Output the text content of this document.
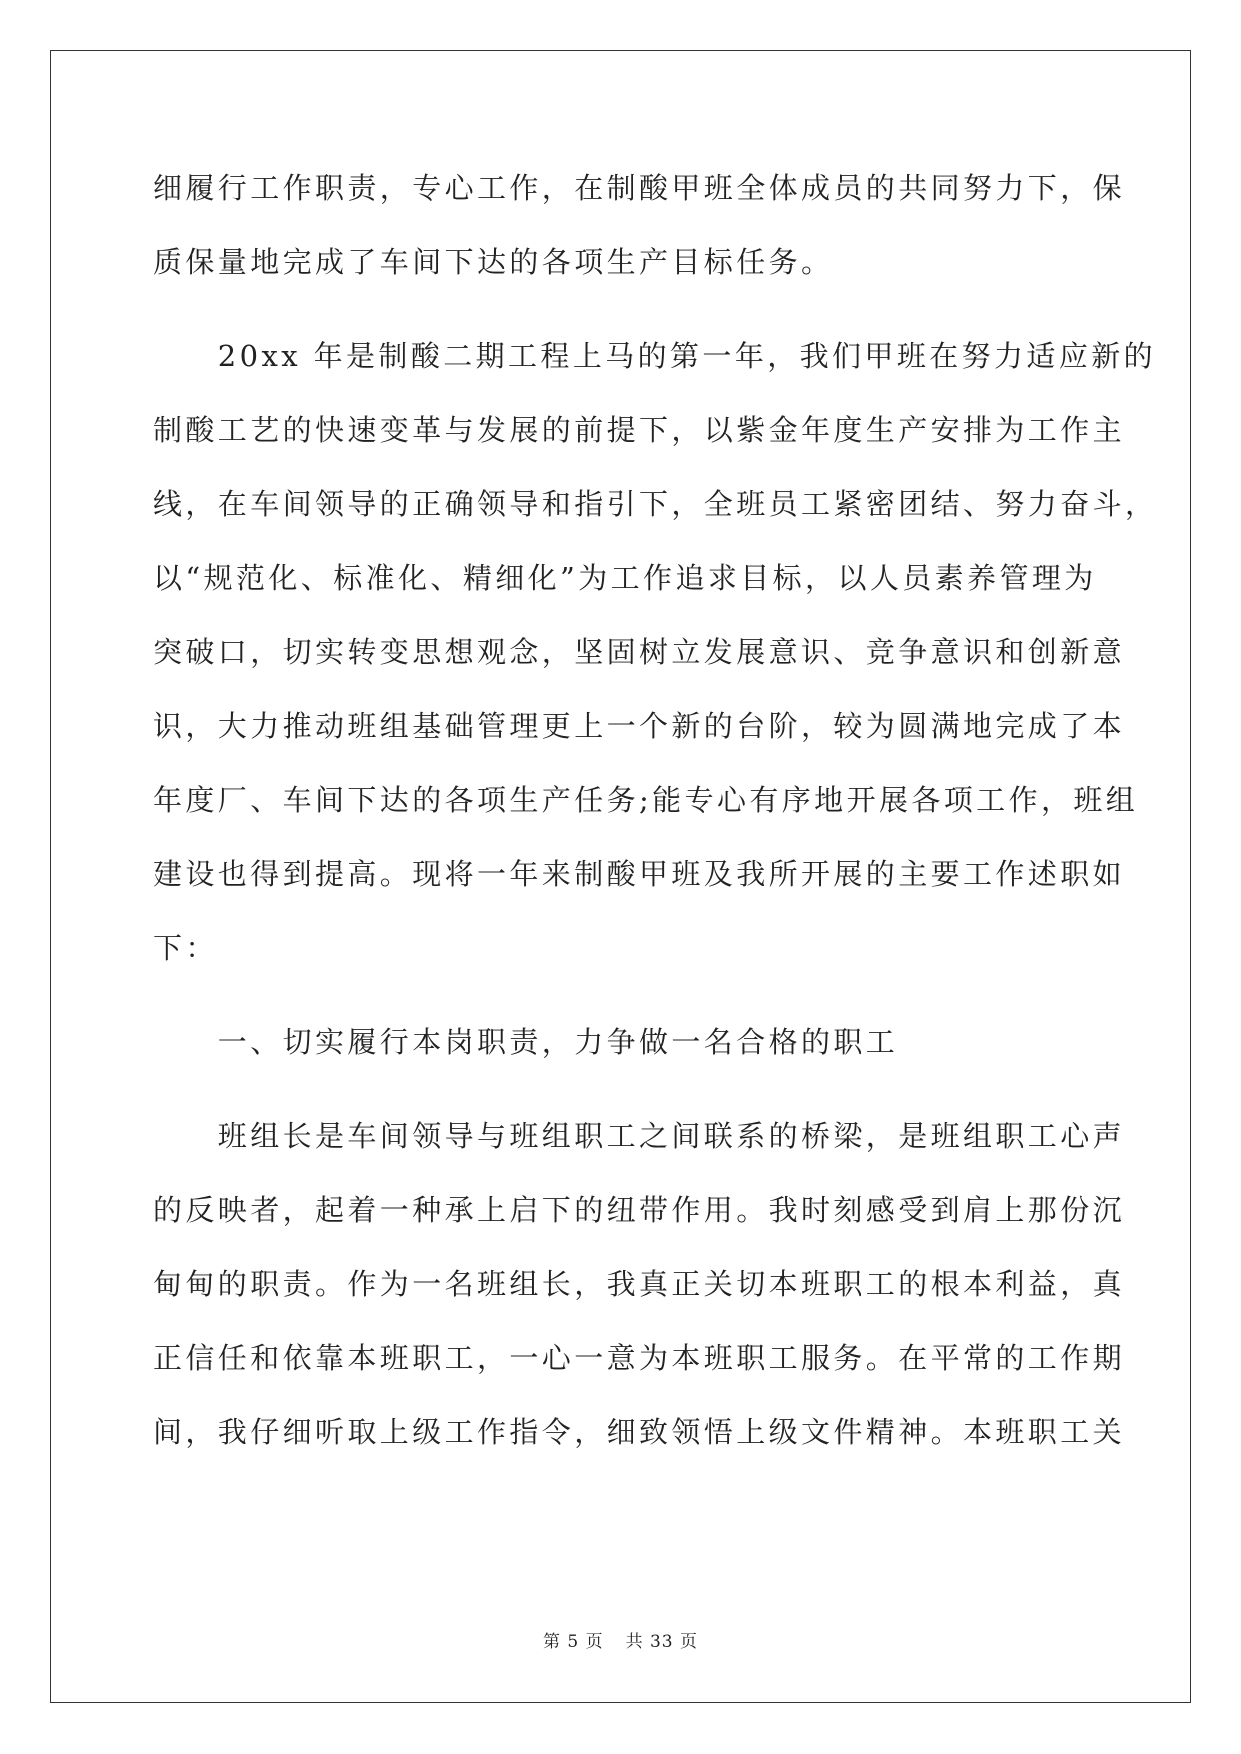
细履行工作职责，专心工作，在制酸甲班全体成员的共同努力下，保
质保量地完成了车间下达的各项生产目标任务。
　　20xx 年是制酸二期工程上马的第一年，我们甲班在努力适应新的
制酸工艺的快速变革与发展的前提下，以紫金年度生产安排为工作主
线，在车间领导的正确领导和指引下，全班员工紧密团结、努力奋斗，
以“规范化、标准化、精细化”为工作追求目标，以人员素养管理为
突破口，切实转变思想观念，坚固树立发展意识、竞争意识和创新意
识，大力推动班组基础管理更上一个新的台阶，较为圆满地完成了本
年度厂、车间下达的各项生产任务;能专心有序地开展各项工作，班组
建设也得到提高。现将一年来制酸甲班及我所开展的主要工作述职如
下：
　　一、切实履行本岗职责，力争做一名合格的职工
　　班组长是车间领导与班组职工之间联系的桥梁，是班组职工心声
的反映者，起着一种承上启下的纽带作用。我时刻感受到肩上那份沉
甸甸的职责。作为一名班组长，我真正关切本班职工的根本利益，真
正信任和依靠本班职工，一心一意为本班职工服务。在平常的工作期
间，我仔细听取上级工作指令，细致领悟上级文件精神。本班职工关
第 5 页 共 33 页
